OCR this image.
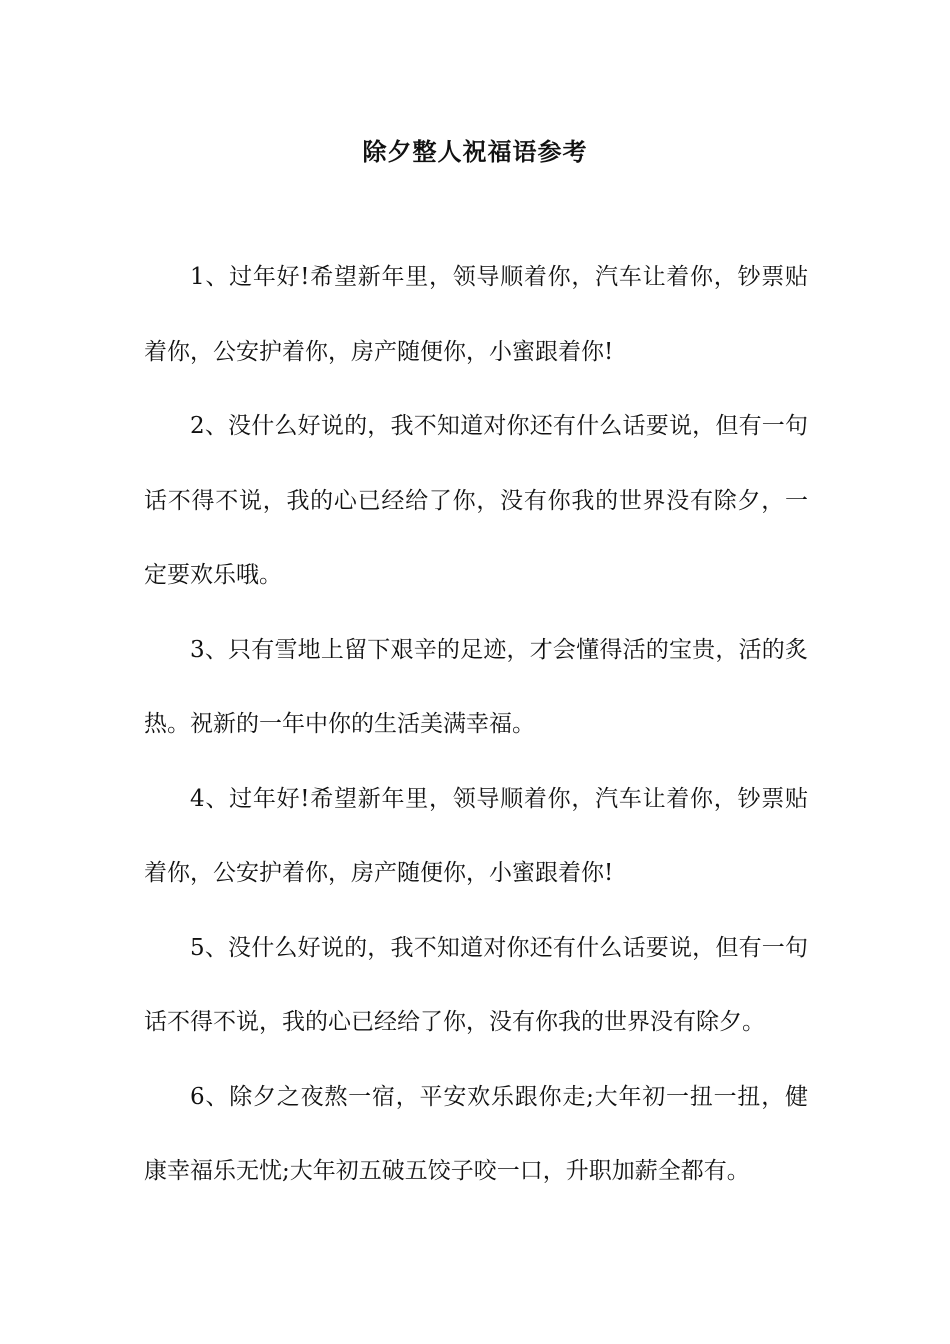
除夕整人祝福语参考

1、过年好!希望新年里，领导顺着你，汽车让着你，钞票贴着你，公安护着你，房产随便你，小蜜跟着你!

2、没什么好说的，我不知道对你还有什么话要说，但有一句话不得不说，我的心已经给了你，没有你我的世界没有除夕，一定要欢乐哦。

3、只有雪地上留下艰辛的足迹，才会懂得活的宝贵，活的炙热。祝新的一年中你的生活美满幸福。

4、过年好!希望新年里，领导顺着你，汽车让着你，钞票贴着你，公安护着你，房产随便你，小蜜跟着你!

5、没什么好说的，我不知道对你还有什么话要说，但有一句话不得不说，我的心已经给了你，没有你我的世界没有除夕。

6、除夕之夜熬一宿，平安欢乐跟你走;大年初一扭一扭，健康幸福乐无忧;大年初五破五饺子咬一口，升职加薪全都有。
